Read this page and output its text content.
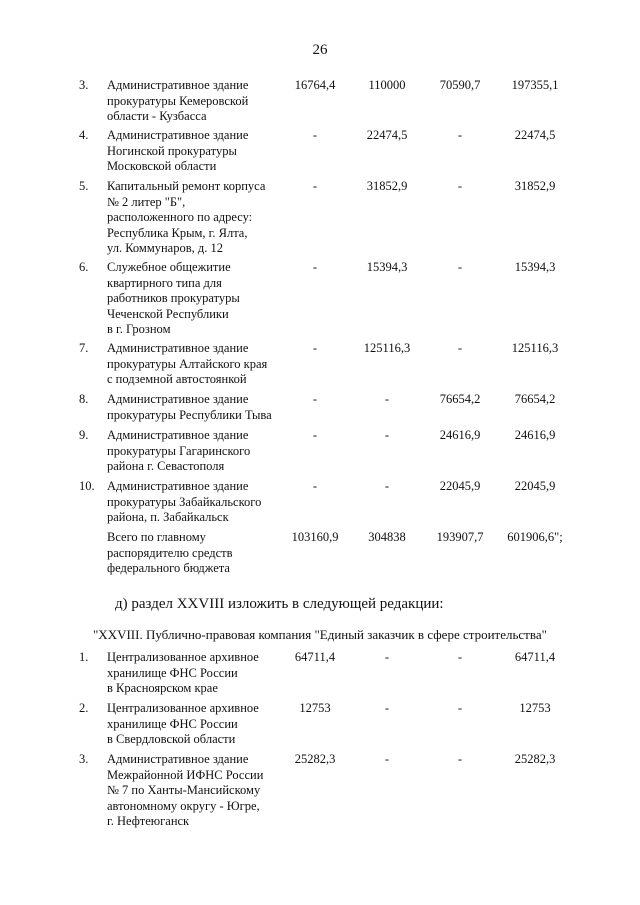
26
3.	Административное здание
прокуратуры Кемеровской
области - Кузбасса
16764,4	110000	70590,7	197355,1
4.	Административное здание
Ногинской прокуратуры
Московской области
-	22474,5	-	22474,5
5.	Капитальный ремонт корпуса
№ 2 литер "Б",
расположенного по адресу:
Республика Крым, г. Ялта,
ул. Коммунаров, д. 12
-	31852,9	-	31852,9
6.	Служебное общежитие
квартирного типа для
работников прокуратуры
Чеченской Республики
в г. Грозном
-	15394,3	-	15394,3
7.	Административное здание
прокуратуры Алтайского края
с подземной автостоянкой
-	125116,3	-	125116,3
8.	Административное здание
прокуратуры Республики Тыва
-	-	76654,2	76654,2
9.	Административное здание
прокуратуры Гагаринского
района г. Севастополя
-	-	24616,9	24616,9
10. Административное здание
прокуратуры Забайкальского
района, п. Забайкальск
-	-	22045,9	22045,9
Всего по главному
распорядителю средств
федерального бюджета
103160,9	304838	193907,7	601906,6";
д) раздел XXVIII изложить в следующей редакции:
"XXVIII. Публично-правовая компания "Единый заказчик в сфере строительства"
1.	Централизованное архивное
хранилище ФНС России
в Красноярском крае
64711,4	-	-	64711,4
2.	Централизованное архивное
хранилище ФНС России
в Свердловской области
12753	-	-	12753
3.	Административное здание
Межрайонной ИФНС России
№ 7 по Ханты-Мансийскому
автономному округу - Югре,
г. Нефтеюганск
25282,3	-	-	25282,3
